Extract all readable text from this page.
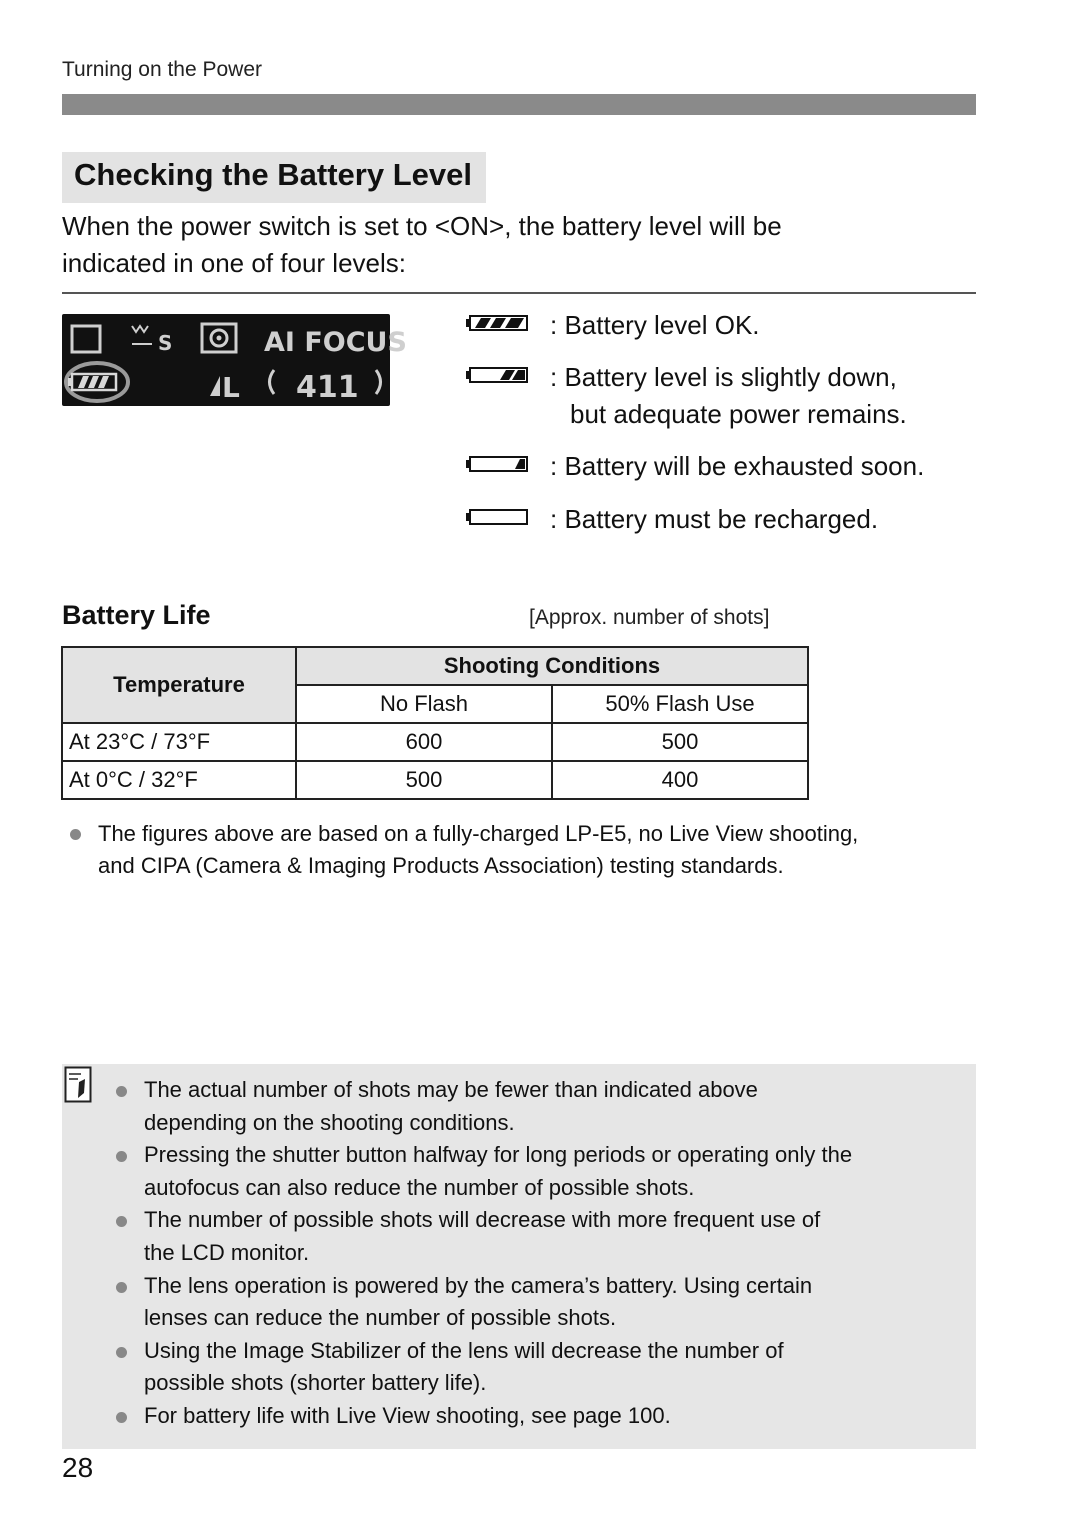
Turning on the Power
Checking the Battery Level
When the power switch is set to <ON>, the battery level will be
indicated in one of four levels:
S	AI FOCUS
L 411
: Battery level OK.
: Battery level is slightly down,
but adequate power remains.
: Battery will be exhausted soon.
: Battery must be recharged.
Battery Life	[Approx. number of shots]
Temperature	Shooting Conditions	
	No Flash	50% Flash Use
At 23°C / 73°F	600	500
At 0°C / 32°F	500	400
The figures above are based on a fully-charged LP-E5, no Live View shooting,
and CIPA (Camera & Imaging Products Association) testing standards.
The actual number of shots may be fewer than indicated above
depending on the shooting conditions.
Pressing the shutter button halfway for long periods or operating only the
autofocus can also reduce the number of possible shots.
The number of possible shots will decrease with more frequent use of
the LCD monitor.
The lens operation is powered by the camera’s battery. Using certain
lenses can reduce the number of possible shots.
Using the Image Stabilizer of the lens will decrease the number of
possible shots (shorter battery life).
For battery life with Live View shooting, see page 100.
28
